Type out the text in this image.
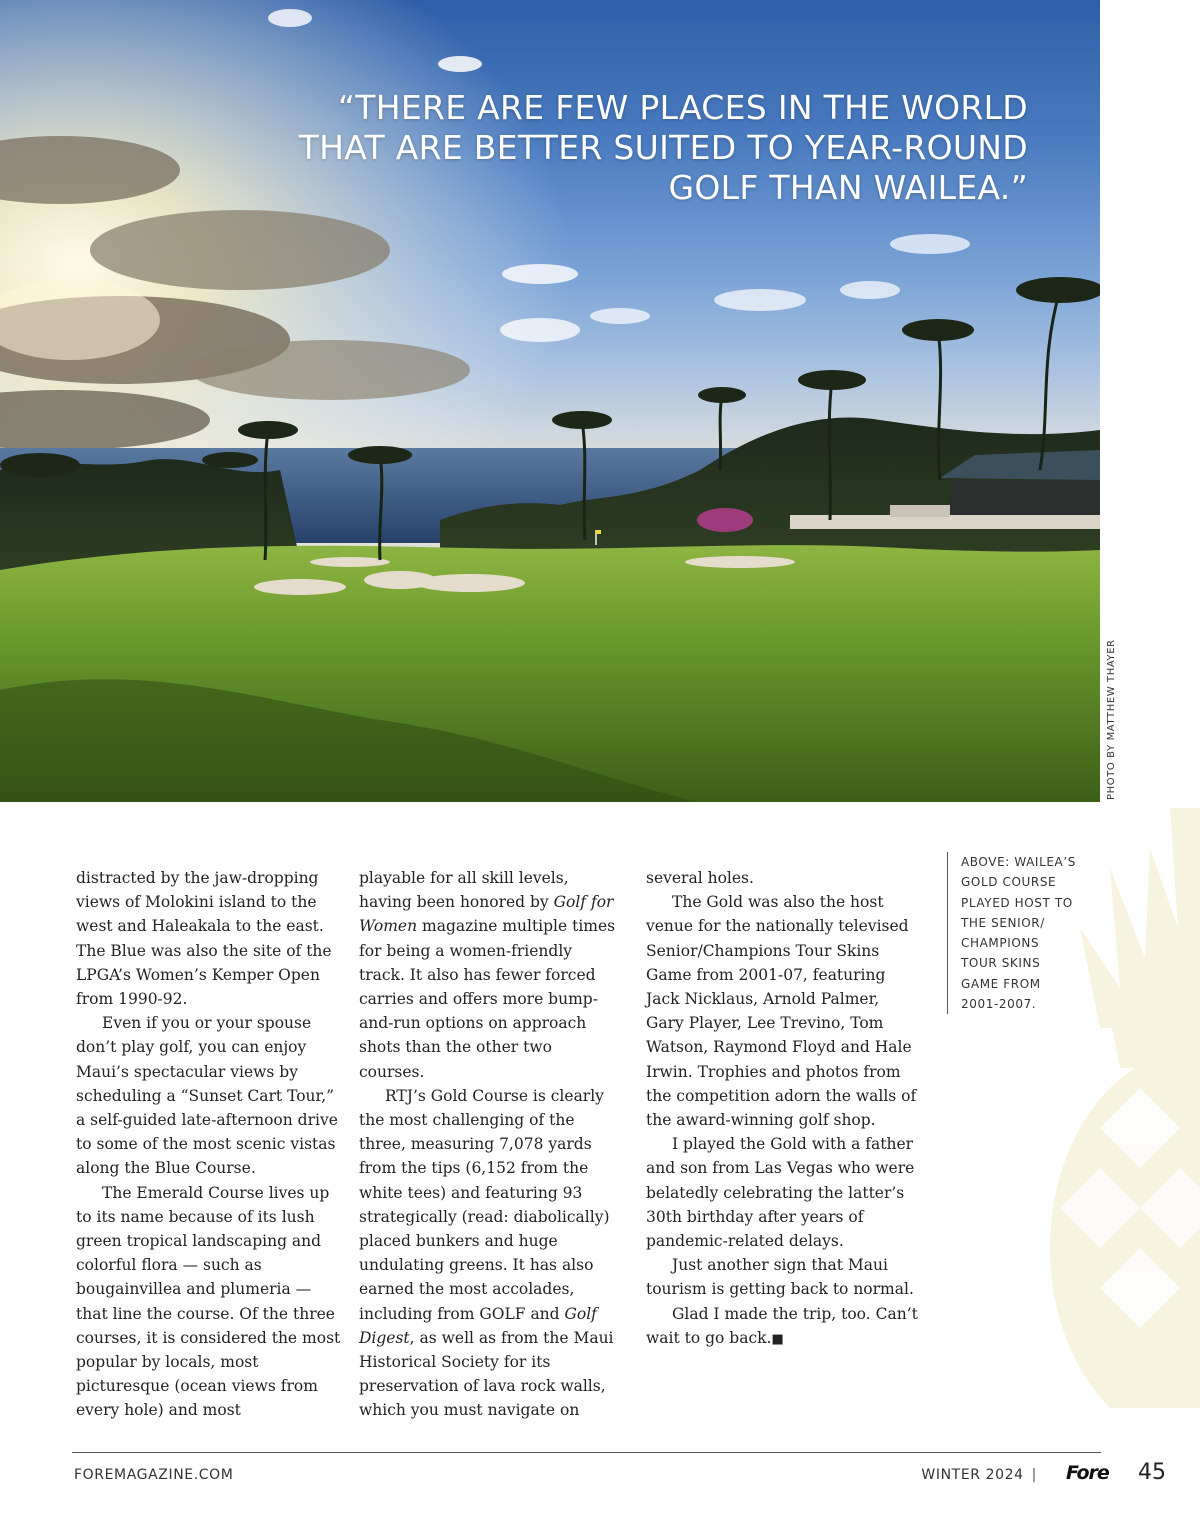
“THERE ARE FEW PLACES IN THE WORLD THAT ARE BETTER SUITED TO YEAR-ROUND GOLF THAN WAILEA.”
PHOTO BY MATTHEW THAYER

distracted by the jaw-dropping views of Molokini island to the west and Haleakala to the east. The Blue was also the site of the LPGA’s Women’s Kemper Open from 1990-92.

Even if you or your spouse don’t play golf, you can enjoy Maui’s spectacular views by scheduling a “Sunset Cart Tour,” a self-guided late-afternoon drive to some of the most scenic vistas along the Blue Course.

The Emerald Course lives up to its name because of its lush green tropical landscaping and colorful flora — such as bougainvillea and plumeria — that line the course. Of the three courses, it is considered the most popular by locals, most picturesque (ocean views from every hole) and most

playable for all skill levels, having been honored by Golf for Women magazine multiple times for being a women-friendly track. It also has fewer forced carries and offers more bump-and-run options on approach shots than the other two courses.

RTJ’s Gold Course is clearly the most challenging of the three, measuring 7,078 yards from the tips (6,152 from the white tees) and featuring 93 strategically (read: diabolically) placed bunkers and huge undulating greens. It has also earned the most accolades, including from GOLF and Golf Digest, as well as from the Maui Historical Society for its preservation of lava rock walls, which you must navigate on

several holes.

The Gold was also the host venue for the nationally televised Senior/Champions Tour Skins Game from 2001-07, featuring Jack Nicklaus, Arnold Palmer, Gary Player, Lee Trevino, Tom Watson, Raymond Floyd and Hale Irwin. Trophies and photos from the competition adorn the walls of the award-winning golf shop.

I played the Gold with a father and son from Las Vegas who were belatedly celebrating the latter’s 30th birthday after years of pandemic-related delays.

Just another sign that Maui tourism is getting back to normal.

Glad I made the trip, too. Can’t wait to go back.■

ABOVE: WAILEA’S GOLD COURSE PLAYED HOST TO THE SENIOR/ CHAMPIONS TOUR SKINS GAME FROM 2001-2007.
FOREMAGAZINE.COM	WINTER 2024 |	Fore 45
